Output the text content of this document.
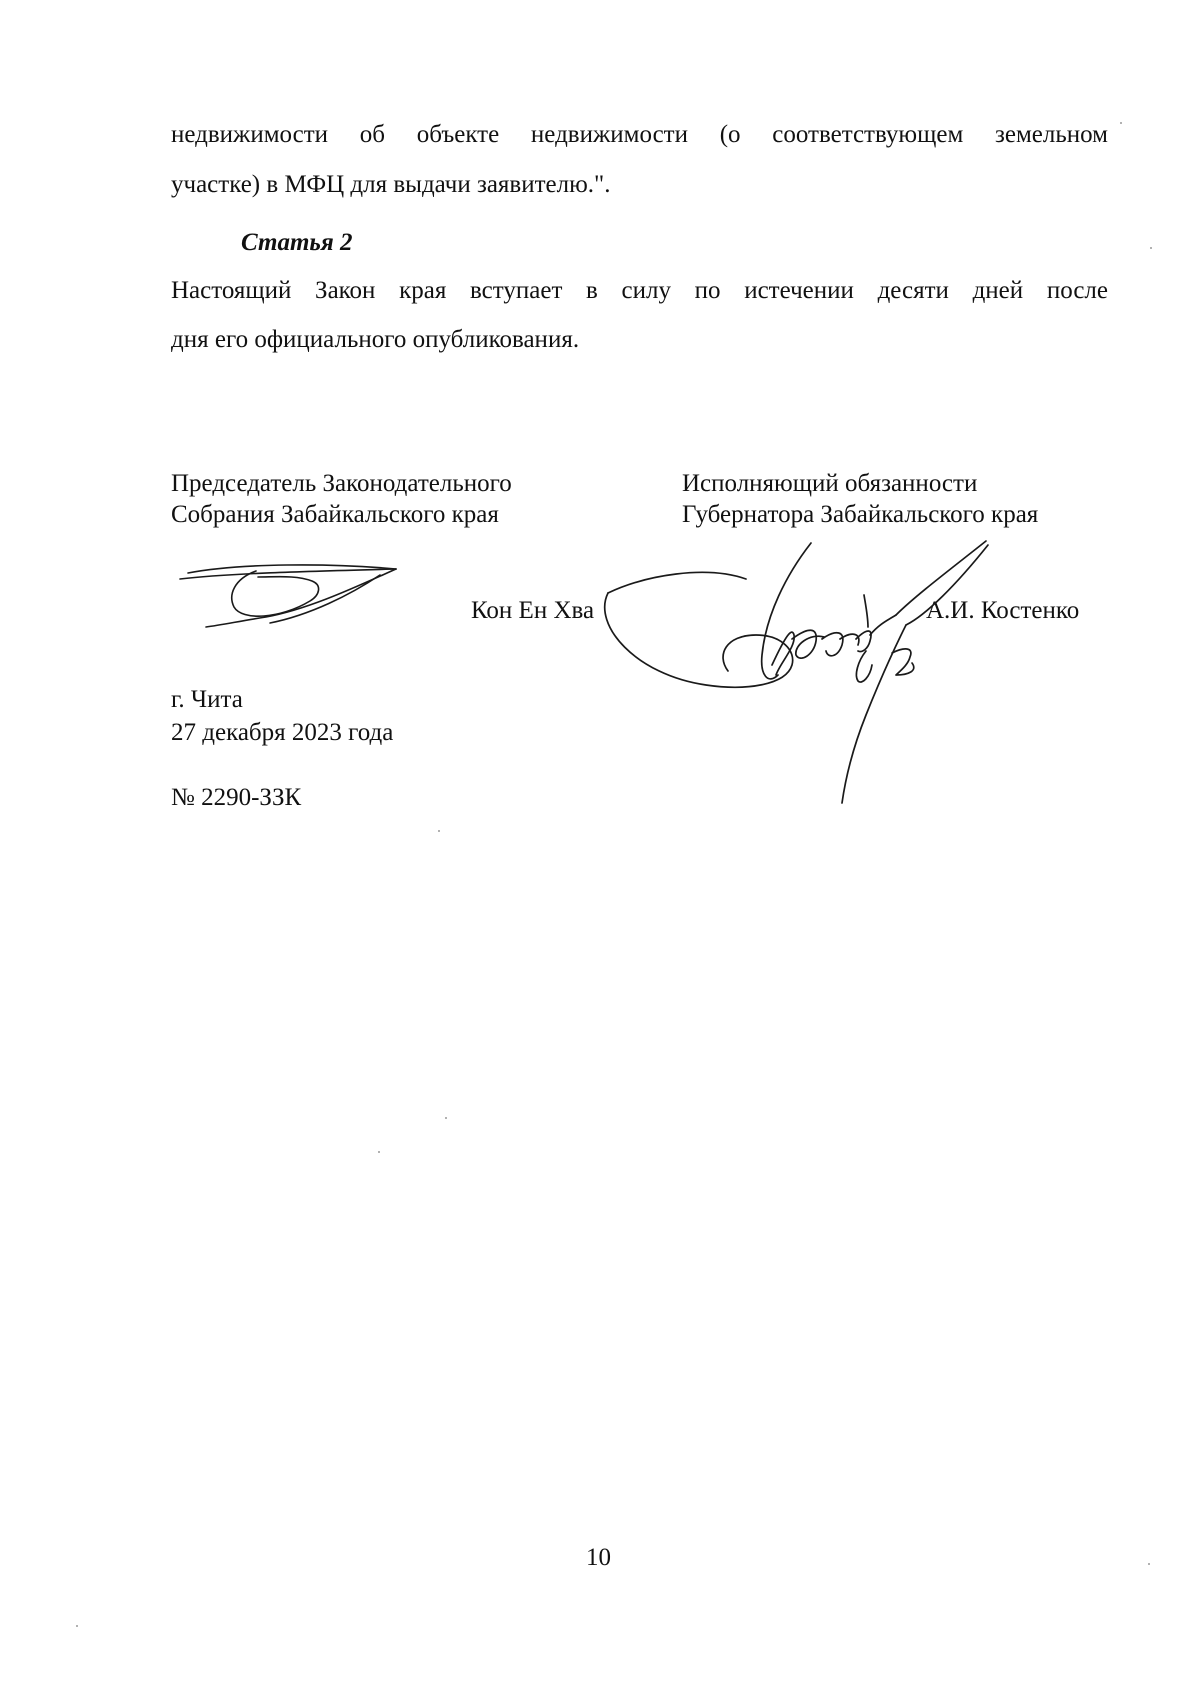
недвижимости об объекте недвижимости (о соответствующем земельном
участке) в МФЦ для выдачи заявителю.".
Статья 2
Настоящий Закон края вступает в силу по истечении десяти дней после
дня его официального опубликования.
Председатель Законодательного
Собрания Забайкальского края
Кон Ен Хва
Исполняющий обязанности
Губернатора Забайкальского края
А.И. Костенко
г. Чита
27 декабря 2023 года
№ 2290-ЗЗК
10
